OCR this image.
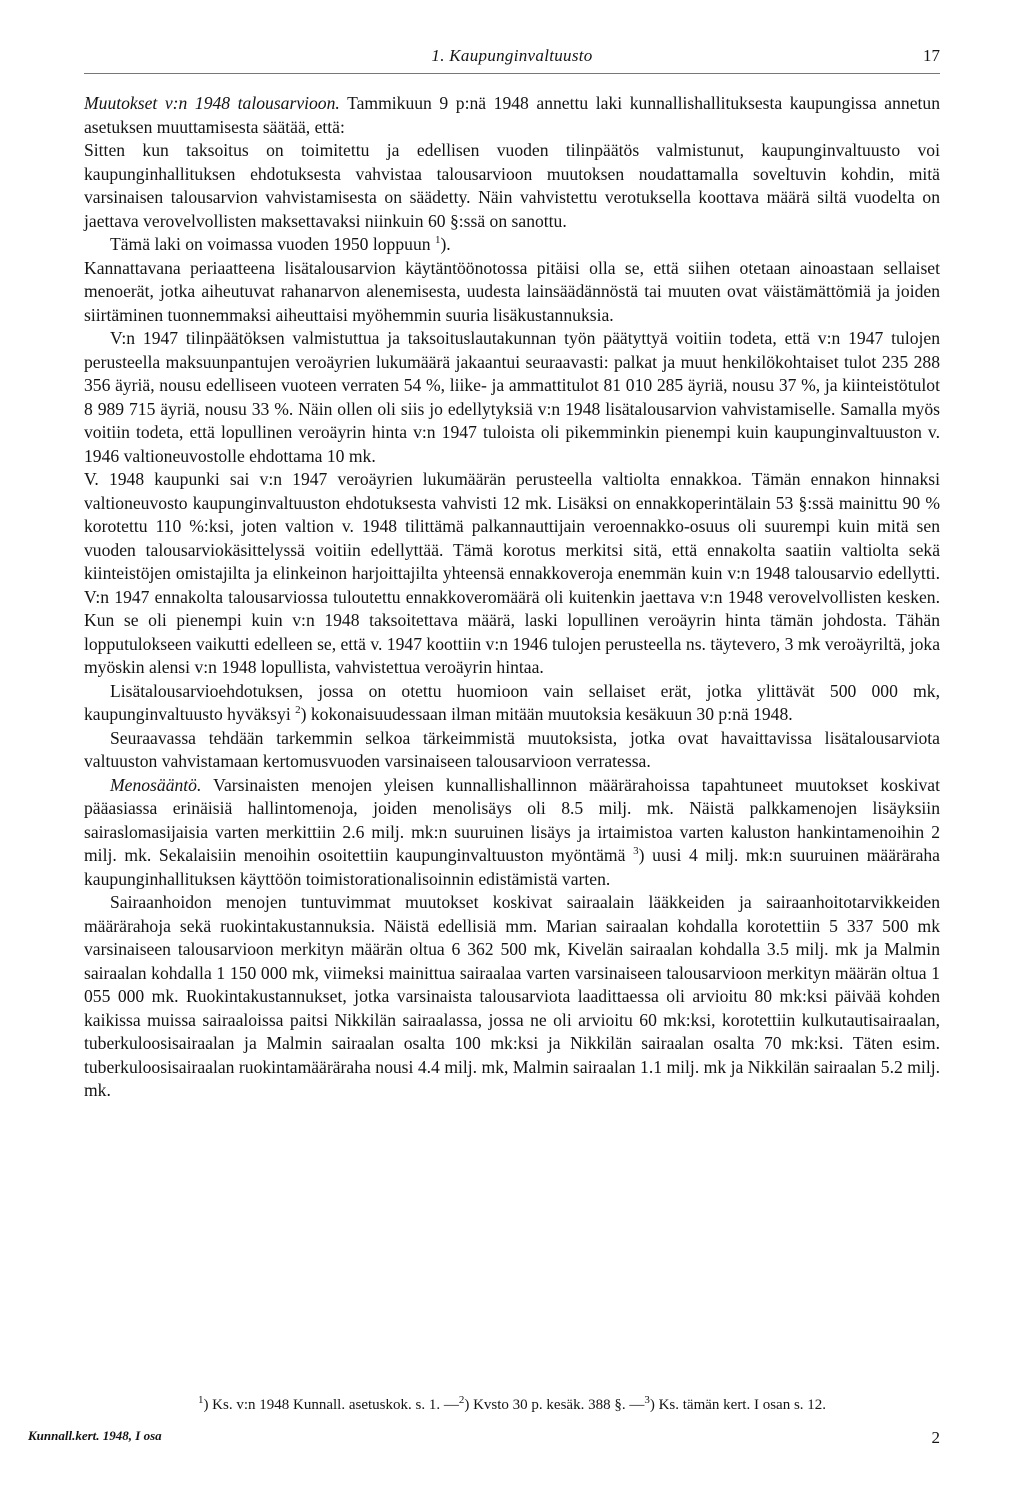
1. Kaupunginvaltuusto	17

Muutokset v:n 1948 talousarvioon. Tammikuun 9 p:nä 1948 annettu laki kunnallishallituksesta kaupungissa annetun asetuksen muuttamisesta säätää, että:

Sitten kun taksoitus on toimitettu ja edellisen vuoden tilinpäätös valmistunut, kaupunginvaltuusto voi kaupunginhallituksen ehdotuksesta vahvistaa talousarvioon muutoksen noudattamalla soveltuvin kohdin, mitä varsinaisen talousarvion vahvistamisesta on säädetty. Näin vahvistettu verotuksella koottava määrä siltä vuodelta on jaettava verovelvollisten maksettavaksi niinkuin 60 §:ssä on sanottu.

Tämä laki on voimassa vuoden 1950 loppuun $^1$).

Kannattavana periaatteena lisätalousarvion käytäntöönotossa pitäisi olla se, että siihen otetaan ainoastaan sellaiset menoerät, jotka aiheutuvat rahanarvon alenemisesta, uudesta lainsäädännöstä tai muuten ovat väistämättömiä ja joiden siirtäminen tuonnemmaksi aiheuttaisi myöhemmin suuria lisäkustannuksia.

V:n 1947 tilinpäätöksen valmistuttua ja taksoituslautakunnan työn päätyttyä voitiin todeta, että v:n 1947 tulojen perusteella maksuunpantujen veroäyrien lukumäärä jakaantui seuraavasti: palkat ja muut henkilökohtaiset tulot 235 288 356 äyriä, nousu edelliseen vuoteen verraten 54 %, liike- ja ammattitulot 81 010 285 äyriä, nousu 37 %, ja kiinteistötulot 8 989 715 äyriä, nousu 33 %. Näin ollen oli siis jo edellytyksiä v:n 1948 lisätalousarvion vahvistamiselle. Samalla myös voitiin todeta, että lopullinen veroäyrin hinta v:n 1947 tuloista oli pikemminkin pienempi kuin kaupunginvaltuuston v. 1946 valtioneuvostolle ehdottama 10 mk.

V. 1948 kaupunki sai v:n 1947 veroäyrien lukumäärän perusteella valtiolta ennakkoa. Tämän ennakon hinnaksi valtioneuvosto kaupunginvaltuuston ehdotuksesta vahvisti 12 mk. Lisäksi on ennakkoperintälain 53 §:ssä mainittu 90 % korotettu 110 %:ksi, joten valtion v. 1948 tilittämä palkannauttijain veroennakko-osuus oli suurempi kuin mitä sen vuoden talousarviokäsittelyssä voitiin edellyttää. Tämä korotus merkitsi sitä, että ennakolta saatiin valtiolta sekä kiinteistöjen omistajilta ja elinkeinon harjoittajilta yhteensä ennakkoveroja enemmän kuin v:n 1948 talousarvio edellytti. V:n 1947 ennakolta talousarviossa tuloutettu ennakkoveromäärä oli kuitenkin jaettava v:n 1948 verovelvollisten kesken. Kun se oli pienempi kuin v:n 1948 taksoitettava määrä, laski lopullinen veroäyrin hinta tämän johdosta. Tähän lopputulokseen vaikutti edelleen se, että v. 1947 koottiin v:n 1946 tulojen perusteella ns. täytevero, 3 mk veroäyriltä, joka myöskin alensi v:n 1948 lopullista, vahvistettua veroäyrin hintaa.

Lisätalousarvioehdotuksen, jossa on otettu huomioon vain sellaiset erät, jotka ylittävät 500 000 mk, kaupunginvaltuusto hyväksyi $^2$) kokonaisuudessaan ilman mitään muutoksia kesäkuun 30 p:nä 1948.

Seuraavassa tehdään tarkemmin selkoa tärkeimmistä muutoksista, jotka ovat havaittavissa lisätalousarviota valtuuston vahvistamaan kertomusvuoden varsinaiseen talousarvioon verratessa.

Menosääntö. Varsinaisten menojen yleisen kunnallishallinnon määrärahoissa tapahtuneet muutokset koskivat pääasiassa erinäisiä hallintomenoja, joiden menolisäys oli 8.5 milj. mk. Näistä palkkamenojen lisäyksiin sairaslomasijaisia varten merkittiin 2.6 milj. mk:n suuruinen lisäys ja irtaimistoa varten kaluston hankintamenoihin 2 milj. mk. Sekalaisiin menoihin osoitettiin kaupunginvaltuuston myöntämä $^3$) uusi 4 milj. mk:n suuruinen määräraha kaupunginhallituksen käyttöön toimistorationalisoinnin edistämistä varten.

Sairaanhoidon menojen tuntuvimmat muutokset koskivat sairaalain lääkkeiden ja sairaanhoitotarvikkeiden määrärahoja sekä ruokintakustannuksia. Näistä edellisiä mm. Marian sairaalan kohdalla korotettiin 5 337 500 mk varsinaiseen talousarvioon merkityn määrän oltua 6 362 500 mk, Kivelän sairaalan kohdalla 3.5 milj. mk ja Malmin sairaalan kohdalla 1 150 000 mk, viimeksi mainittua sairaalaa varten varsinaiseen talousarvioon merkityn määrän oltua 1 055 000 mk. Ruokintakustannukset, jotka varsinaista talousarviota laadittaessa oli arvioitu 80 mk:ksi päivää kohden kaikissa muissa sairaaloissa paitsi Nikkilän sairaalassa, jossa ne oli arvioitu 60 mk:ksi, korotettiin kulkutautisairaalan, tuberkuloosisairaalan ja Malmin sairaalan osalta 100 mk:ksi ja Nikkilän sairaalan osalta 70 mk:ksi. Täten esim. tuberkuloosisairaalan ruokintamääräraha nousi 4.4 milj. mk, Malmin sairaalan 1.1 milj. mk ja Nikkilän sairaalan 5.2 milj. mk.

$^1$) Ks. v:n 1948 Kunnall. asetuskok. s. 1. —$^2$) Kvsto 30 p. kesäk. 388 §. —$^3$) Ks. tämän kert. I osan s. 12.
Kunnall.kert. 1948, I osa	2
